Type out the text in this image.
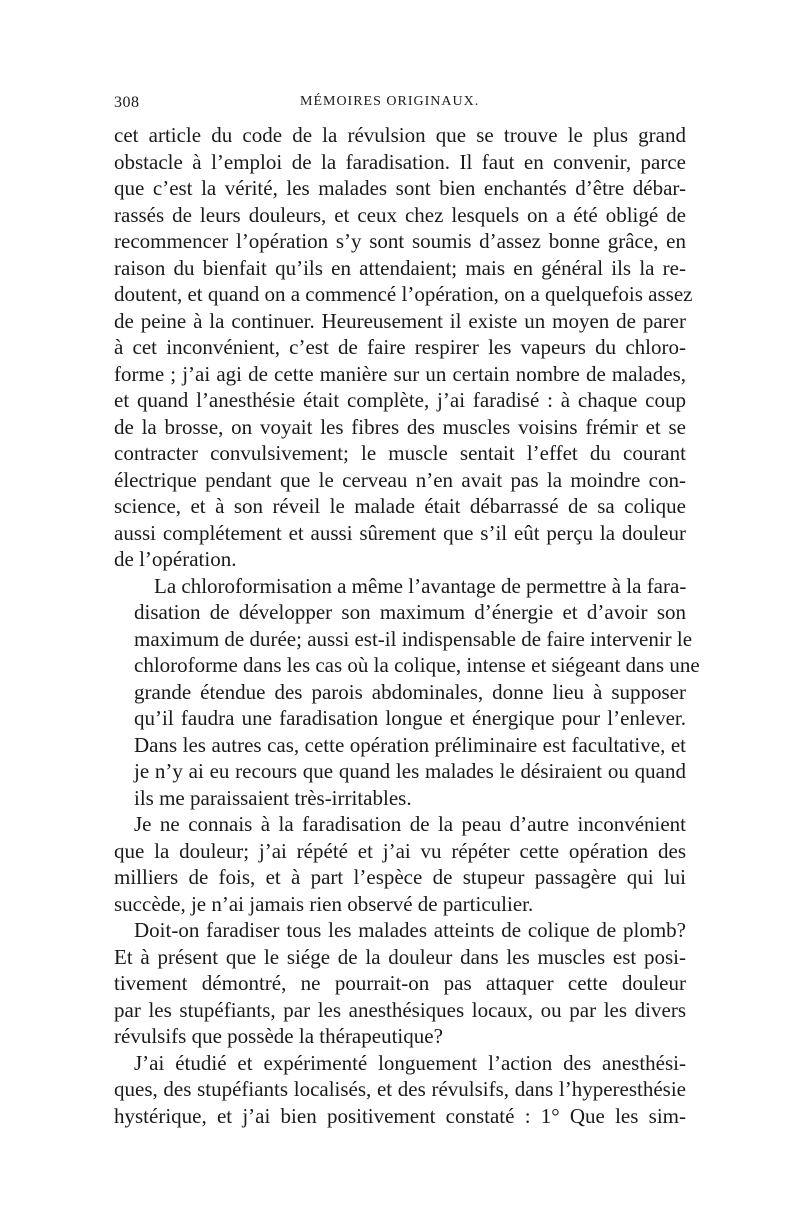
308	MÉMOIRES ORIGINAUX.

cet article du code de la révulsion que se trouve le plus grand
obstacle à l’emploi de la faradisation. Il faut en convenir, parce
que c’est la vérité, les malades sont bien enchantés d’être débar-
rassés de leurs douleurs, et ceux chez lesquels on a été obligé de
recommencer l’opération s’y sont soumis d’assez bonne grâce, en
raison du bienfait qu’ils en attendaient; mais en général ils la re-
doutent, et quand on a commencé l’opération, on a quelquefois assez
de peine à la continuer. Heureusement il existe un moyen de parer
à cet inconvénient, c’est de faire respirer les vapeurs du chloro-
forme ; j’ai agi de cette manière sur un certain nombre de malades,
et quand l’anesthésie était complète, j’ai faradisé : à chaque coup
de la brosse, on voyait les fibres des muscles voisins frémir et se
contracter convulsivement; le muscle sentait l’effet du courant
électrique pendant que le cerveau n’en avait pas la moindre con-
science, et à son réveil le malade était débarrassé de sa colique
aussi complétement et aussi sûrement que s’il eût perçu la douleur
de l’opération.

La chloroformisation a même l’avantage de permettre à la fara-
disation de développer son maximum d’énergie et d’avoir son
maximum de durée; aussi est-il indispensable de faire intervenir le
chloroforme dans les cas où la colique, intense et siégeant dans une
grande étendue des parois abdominales, donne lieu à supposer
qu’il faudra une faradisation longue et énergique pour l’enlever.
Dans les autres cas, cette opération préliminaire est facultative, et
je n’y ai eu recours que quand les malades le désiraient ou quand
ils me paraissaient très-irritables.

Je ne connais à la faradisation de la peau d’autre inconvénient
que la douleur; j’ai répété et j’ai vu répéter cette opération des
milliers de fois, et à part l’espèce de stupeur passagère qui lui
succède, je n’ai jamais rien observé de particulier.

Doit-on faradiser tous les malades atteints de colique de plomb?
Et à présent que le siége de la douleur dans les muscles est posi-
tivement démontré, ne pourrait-on pas attaquer cette douleur
par les stupéfiants, par les anesthésiques locaux, ou par les divers
révulsifs que possède la thérapeutique?

J’ai étudié et expérimenté longuement l’action des anesthési-
ques, des stupéfiants localisés, et des révulsifs, dans l’hyperesthésie
hystérique, et j’ai bien positivement constaté : 1° Que les sim-
